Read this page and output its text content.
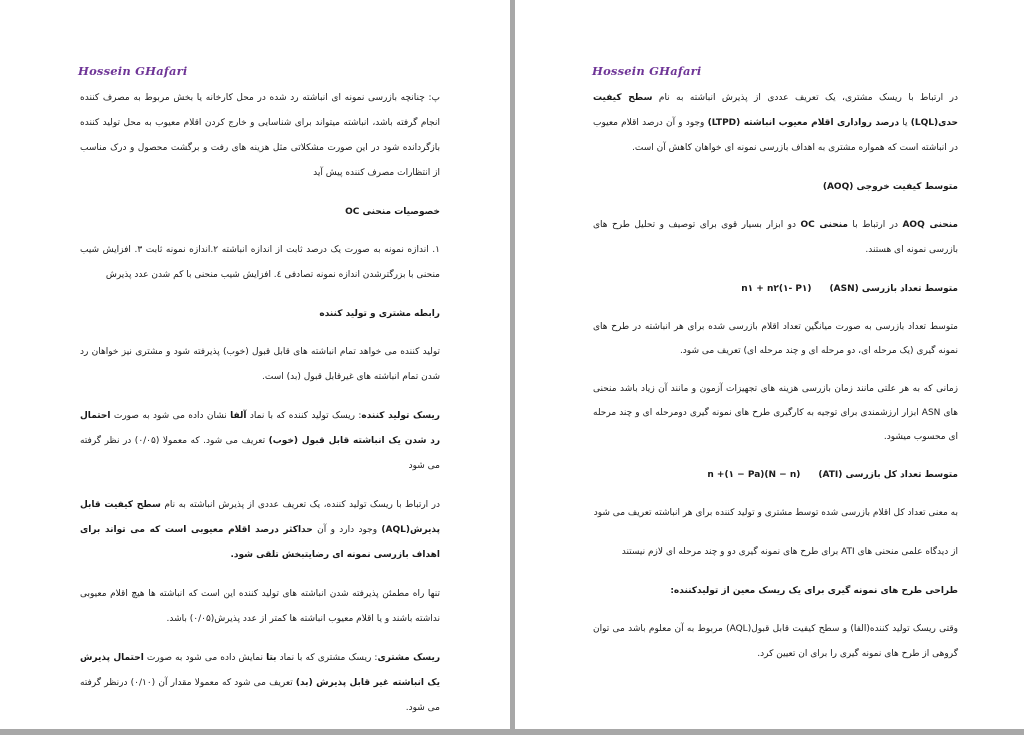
Hossein GHafari

پ: چنانچه بازرسی نمونه ای انباشته رد شده در محل کارخانه یا بخش مربوط به مصرف کننده انجام گرفته باشد، انباشته میتواند برای شناسایی و خارج کردن اقلام معیوب به محل تولید کننده بازگردانده شود در این صورت مشکلاتی مثل هزینه های رفت و برگشت محصول و درک مناسب از انتظارات مصرف کننده پیش آید

خصوصیات منحنی OC

۱. اندازه نمونه به صورت یک درصد ثابت از اندازه انباشته ۲.اندازه نمونه ثابت ۳. افزایش شیب منحنی با بزرگترشدن اندازه نمونه تصادفی ٤. افزایش شیب منحنی با کم شدن عدد پذیرش

رابطه مشتری و تولید کننده

تولید کننده می خواهد تمام انباشته های قابل قبول (خوب) پذیرفته شود و مشتری نیز خواهان رد شدن تمام انباشته های غیرقابل قبول (بد) است.

ریسک تولید کننده: ریسک تولید کننده که با نماد آلفا نشان داده می شود به صورت احتمال رد شدن یک انباشته قابل قبول (خوب) تعریف می شود. که معمولا (۰/۰۵) در نظر گرفته می شود

در ارتباط با ریسک تولید کننده، یک تعریف عددی از پذیرش انباشته به نام سطح کیفیت قابل پذیرش(AQL) وجود دارد و آن حداکثر درصد اقلام معیوبی است که می تواند برای اهداف بازرسی نمونه ای رضایتبخش تلقی شود.

تنها راه مطمئن پذیرفته شدن انباشته های تولید کننده این است که انباشته ها هیچ اقلام معیوبی نداشته باشند و یا اقلام معیوب انباشته ها کمتر از عدد پذیرش(۰/۰۵) باشد.

ریسک مشتری: ریسک مشتری که با نماد بتا نمایش داده می شود به صورت احتمال پذیرش یک انباشته غیر قابل پذیرش (بد) تعریف می شود که معمولا مقدار آن (۰/۱۰) درنظر گرفته می شود.

Hossein GHafari

در ارتباط با ریسک مشتری، یک تعریف عددی از پذیرش انباشته به نام سطح کیفیت حدی(LQL) یا درصد رواداری اقلام معیوب انباشته (LTPD) وجود و آن درصد اقلام معیوب در انباشته است که همواره مشتری به اهداف بازرسی نمونه ای خواهان کاهش آن است.

متوسط کیفیت خروجی (AOQ)

منحنی AOQ در ارتباط با منحنی OC دو ابزار بسیار قوی برای توصیف و تحلیل طرح های بازرسی نمونه ای هستند.

متوسط تعداد بازرسی (ASN)n۱ + n۲(۱- P۱)

متوسط تعداد بازرسی به صورت میانگین تعداد اقلام بازرسی شده برای هر انباشته در طرح های نمونه گیری (یک مرحله ای، دو مرحله ای و چند مرحله ای) تعریف می شود.

زمانی که به هر علتی مانند زمان بازرسی هزینه های تجهیزات آزمون و مانند آن زیاد باشد منحنی های ASN ابزار ارزشمندی برای توجیه به کارگیری طرح های نمونه گیری دومرحله ای و چند مرحله ای محسوب میشود.

متوسط تعداد کل بازرسی (ATI)n +(۱ − Pa)(N − n)

به معنی تعداد کل اقلام بازرسی شده توسط مشتری و تولید کننده برای هر انباشته تعریف می شود

از دیدگاه علمی منحنی های ATI برای طرح های نمونه گیری دو و چند مرحله ای لازم نیستند

طراحی طرح های نمونه گیری برای یک ریسک معین از تولیدکننده:

وقتی ریسک تولید کننده(الفا) و سطح کیفیت قابل قبول(AQL) مربوط به آن معلوم باشد می توان گروهی از طرح های نمونه گیری را برای ان تعیین کرد.
